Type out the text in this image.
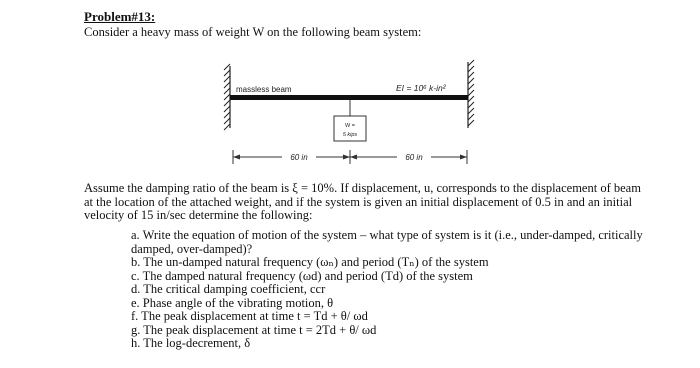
Problem#13:
Consider a heavy mass of weight W on the following beam system:
massless beam	EI = 10⁶ k-in²
W =
5 kips
60 in	60 in

Assume the damping ratio of the beam is ξ = 10%. If displacement, u, corresponds to the displacement of beam at the location of the attached weight, and if the system is given an initial displacement of 0.5 in and an initial velocity of 15 in/sec determine the following:

a. Write the equation of motion of the system – what type of system is it (i.e., under-damped, critically damped, over-damped)?
b. The un-damped natural frequency (ωₙ) and period (Tₙ) of the system
c. The damped natural frequency (ωd) and period (Td) of the system
d. The critical damping coefficient, ccr
e. Phase angle of the vibrating motion, θ
f. The peak displacement at time t = Td + θ/ ωd
g. The peak displacement at time t = 2Td + θ/ ωd
h. The log-decrement, δ
